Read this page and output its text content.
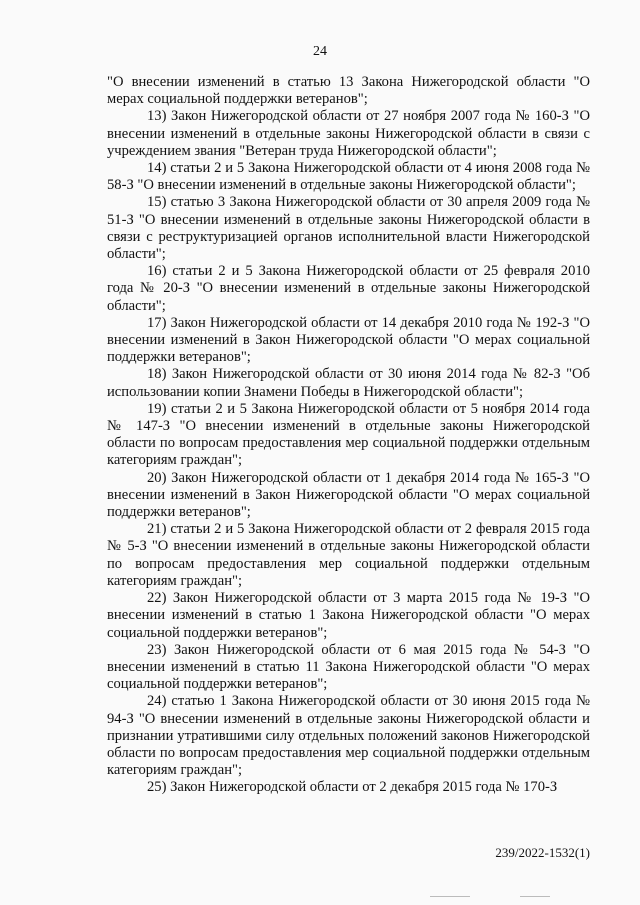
24

"О внесении изменений в статью 13 Закона Нижегородской области "О мерах социальной поддержки ветеранов";

13) Закон Нижегородской области от 27 ноября 2007 года № 160-З "О внесении изменений в отдельные законы Нижегородской области в связи с учреждением звания "Ветеран труда Нижегородской области";

14) статьи 2 и 5 Закона Нижегородской области от 4 июня 2008 года № 58-З "О внесении изменений в отдельные законы Нижегородской области";

15) статью 3 Закона Нижегородской области от 30 апреля 2009 года № 51-З "О внесении изменений в отдельные законы Нижегородской области в связи с реструктуризацией органов исполнительной власти Нижегородской области";

16) статьи 2 и 5 Закона Нижегородской области от 25 февраля 2010 года № 20-З "О внесении изменений в отдельные законы Нижегородской области";

17) Закон Нижегородской области от 14 декабря 2010 года № 192-З "О внесении изменений в Закон Нижегородской области "О мерах социальной поддержки ветеранов";

18) Закон Нижегородской области от 30 июня 2014 года № 82-З "Об использовании копии Знамени Победы в Нижегородской области";

19) статьи 2 и 5 Закона Нижегородской области от 5 ноября 2014 года № 147-З "О внесении изменений в отдельные законы Нижегородской области по вопросам предоставления мер социальной поддержки отдельным категориям граждан";

20) Закон Нижегородской области от 1 декабря 2014 года № 165-З "О внесении изменений в Закон Нижегородской области "О мерах социальной поддержки ветеранов";

21) статьи 2 и 5 Закона Нижегородской области от 2 февраля 2015 года № 5-З "О внесении изменений в отдельные законы Нижегородской области по вопросам предоставления мер социальной поддержки отдельным категориям граждан";

22) Закон Нижегородской области от 3 марта 2015 года № 19-З "О внесении изменений в статью 1 Закона Нижегородской области "О мерах социальной поддержки ветеранов";

23) Закон Нижегородской области от 6 мая 2015 года № 54-З "О внесении изменений в статью 11 Закона Нижегородской области "О мерах социальной поддержки ветеранов";

24) статью 1 Закона Нижегородской области от 30 июня 2015 года № 94-З "О внесении изменений в отдельные законы Нижегородской области и признании утратившими силу отдельных положений законов Нижегородской области по вопросам предоставления мер социальной поддержки отдельным категориям граждан";

25) Закон Нижегородской области от 2 декабря 2015 года № 170-З

239/2022-1532(1)
